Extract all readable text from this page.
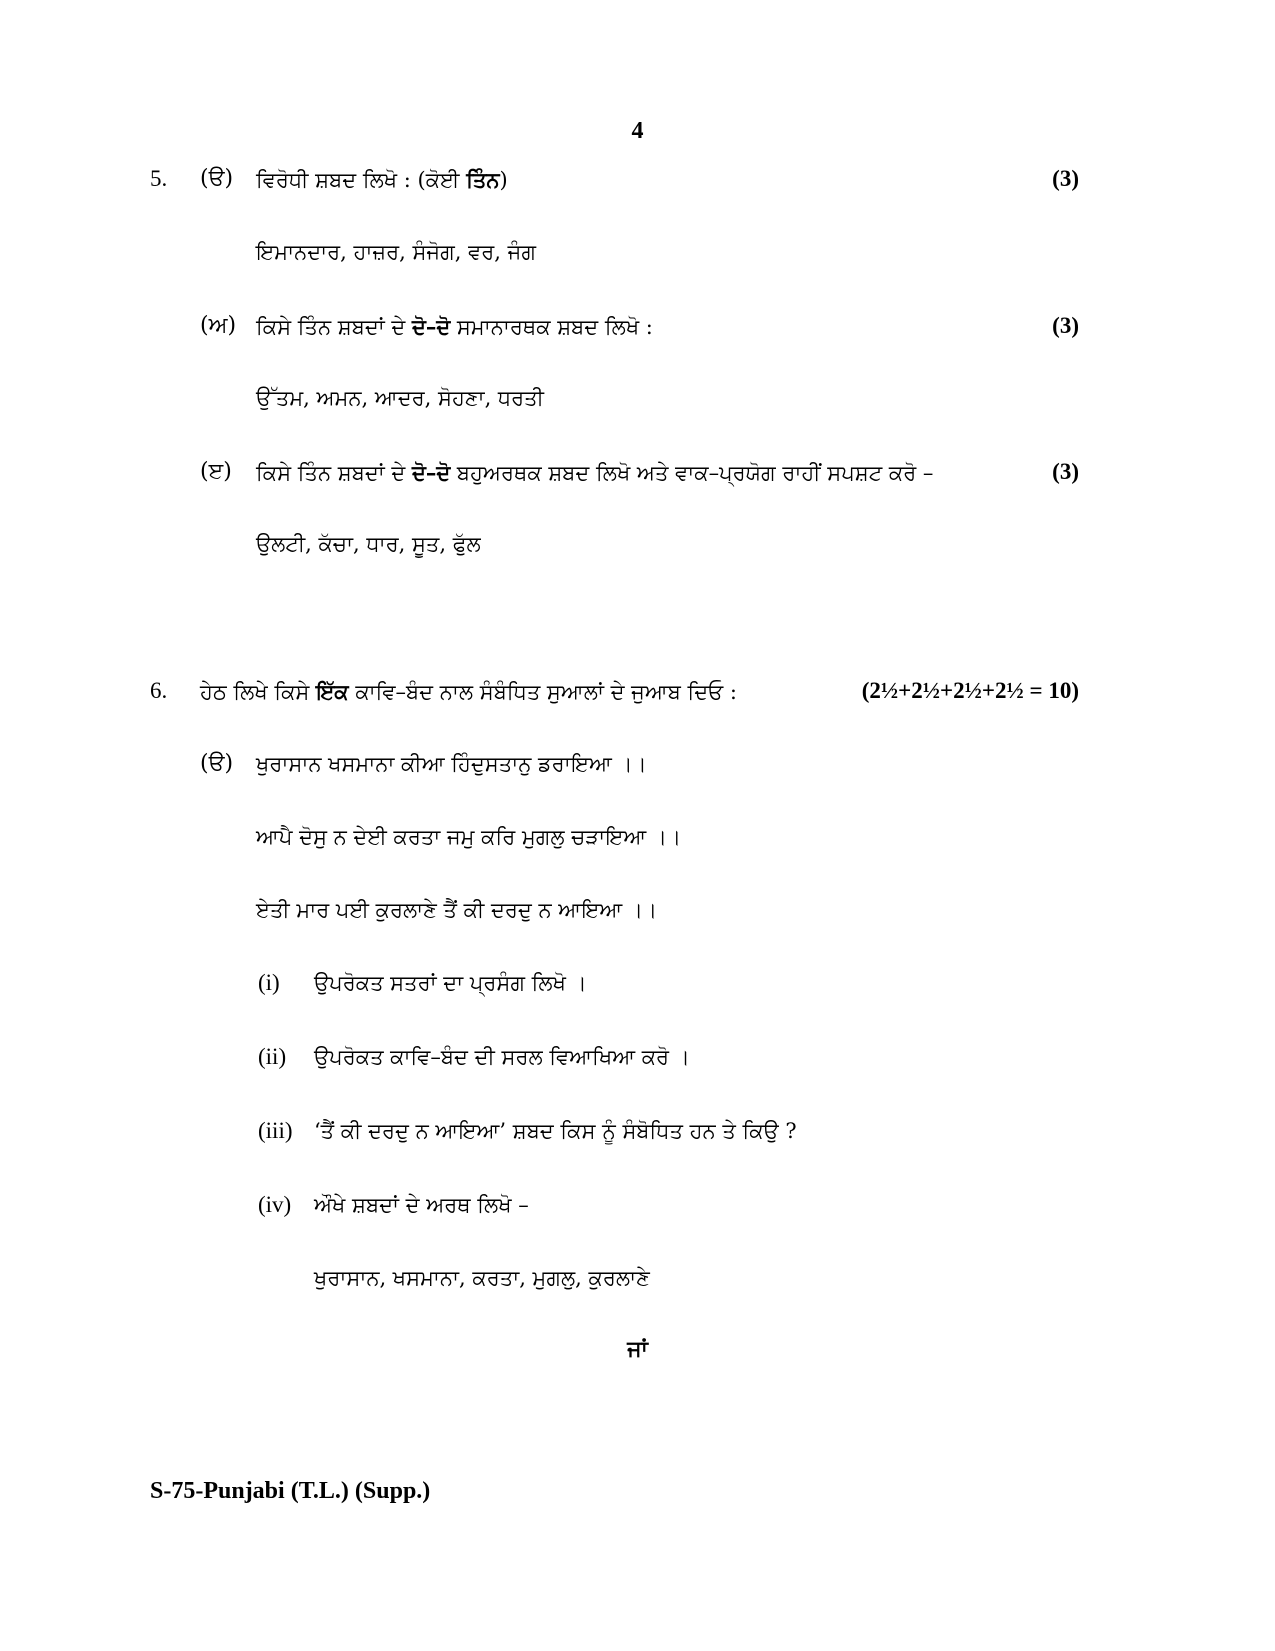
4
5. (ੳ) ਵਿਰੋਧੀ ਸ਼ਬਦ ਲਿਖੋ : (ਕੋਈ ਤਿੰਨ)	(3)
ਇਮਾਨਦਾਰ, ਹਾਜ਼ਰ, ਸੰਜੋਗ, ਵਰ, ਜੰਗ
(ਅ) ਕਿਸੇ ਤਿੰਨ ਸ਼ਬਦਾਂ ਦੇ ਦੋ–ਦੋ ਸਮਾਨਾਰਥਕ ਸ਼ਬਦ ਲਿਖੋ :	(3)
ਉੱਤਮ, ਅਮਨ, ਆਦਰ, ਸੋਹਣਾ, ਧਰਤੀ
(ੲ) ਕਿਸੇ ਤਿੰਨ ਸ਼ਬਦਾਂ ਦੇ ਦੋ–ਦੋ ਬਹੁਅਰਥਕ ਸ਼ਬਦ ਲਿਖੋ ਅਤੇ ਵਾਕ–ਪ੍ਰਯੋਗ ਰਾਹੀਂ ਸਪਸ਼ਟ ਕਰੋ –	(3)
ਉਲਟੀ, ਕੱਚਾ, ਧਾਰ, ਸੂਤ, ਫੁੱਲ
6. ਹੇਠ ਲਿਖੇ ਕਿਸੇ ਇੱਕ ਕਾਵਿ–ਬੰਦ ਨਾਲ ਸੰਬੰਧਿਤ ਸੁਆਲਾਂ ਦੇ ਜੁਆਬ ਦਿਓ :	(2½+2½+2½+2½ = 10)
(ੳ) ਖੁਰਾਸਾਨ ਖਸਮਾਨਾ ਕੀਆ ਹਿੰਦੁਸਤਾਨੁ ਡਰਾਇਆ ।।
ਆਪੈ ਦੋਸੁ ਨ ਦੇਈ ਕਰਤਾ ਜਮੁ ਕਰਿ ਮੁਗਲੁ ਚੜਾਇਆ ।।
ਏਤੀ ਮਾਰ ਪਈ ਕੁਰਲਾਣੇ ਤੈਂ ਕੀ ਦਰਦੁ ਨ ਆਇਆ ।।
(i) ਉਪਰੋਕਤ ਸਤਰਾਂ ਦਾ ਪ੍ਰਸੰਗ ਲਿਖੋ ।
(ii) ਉਪਰੋਕਤ ਕਾਵਿ–ਬੰਦ ਦੀ ਸਰਲ ਵਿਆਖਿਆ ਕਰੋ ।
(iii) ‘ਤੈਂ ਕੀ ਦਰਦੁ ਨ ਆਇਆ’ ਸ਼ਬਦ ਕਿਸ ਨੂੰ ਸੰਬੋਧਿਤ ਹਨ ਤੇ ਕਿਉ ?
(iv) ਔਖੇ ਸ਼ਬਦਾਂ ਦੇ ਅਰਥ ਲਿਖੋ –
ਖੁਰਾਸਾਨ, ਖਸਮਾਨਾ, ਕਰਤਾ, ਮੁਗਲੁ, ਕੁਰਲਾਣੇ
ਜਾਂ
S-75-Punjabi (T.L.) (Supp.)
